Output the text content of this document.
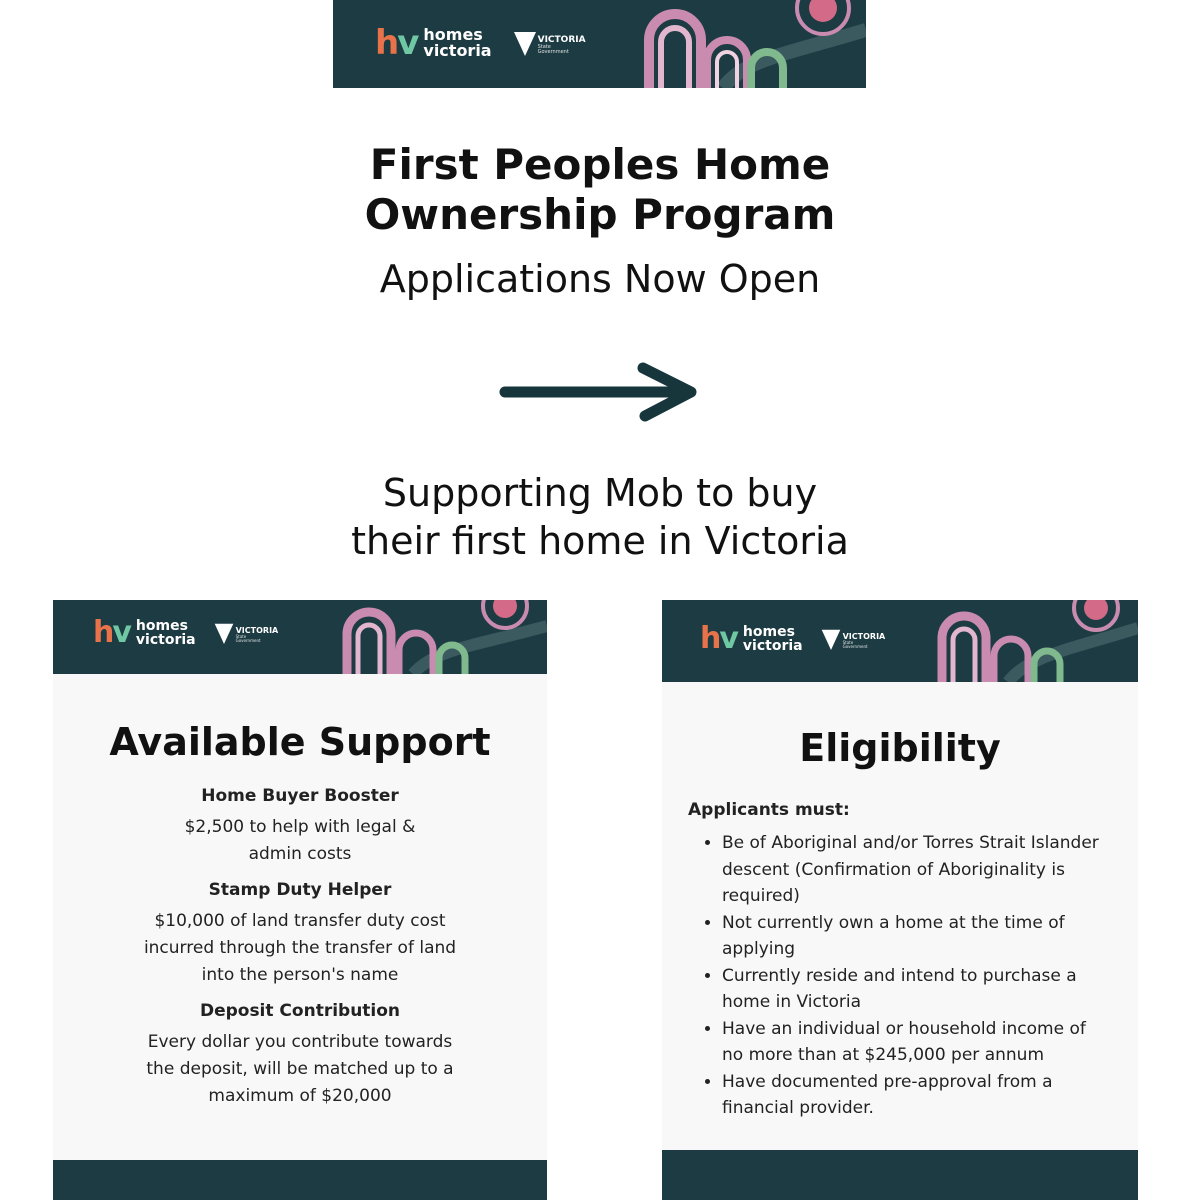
hv homes
victoria
VICTORIA
State
Government
First Peoples Home
Ownership Program
Applications Now Open
Supporting Mob to buy
their first home in Victoria
hv homes
victoria
VICTORIA
State
Government
Available Support

Home Buyer Booster

$2,500 to help with legal &
admin costs

Stamp Duty Helper

$10,000 of land transfer duty cost
incurred through the transfer of land
into the person's name

Deposit Contribution

Every dollar you contribute towards
the deposit, will be matched up to a
maximum of $20,000

hv homes
victoria
VICTORIA
State
Government
Eligibility

Applicants must:

• Be of Aboriginal and/or Torres Strait Islander descent (Confirmation of Aboriginality is required)
• Not currently own a home at the time of applying
• Currently reside and intend to purchase a home in Victoria
• Have an individual or household income of no more than at $245,000 per annum
• Have documented pre-approval from a financial provider.
